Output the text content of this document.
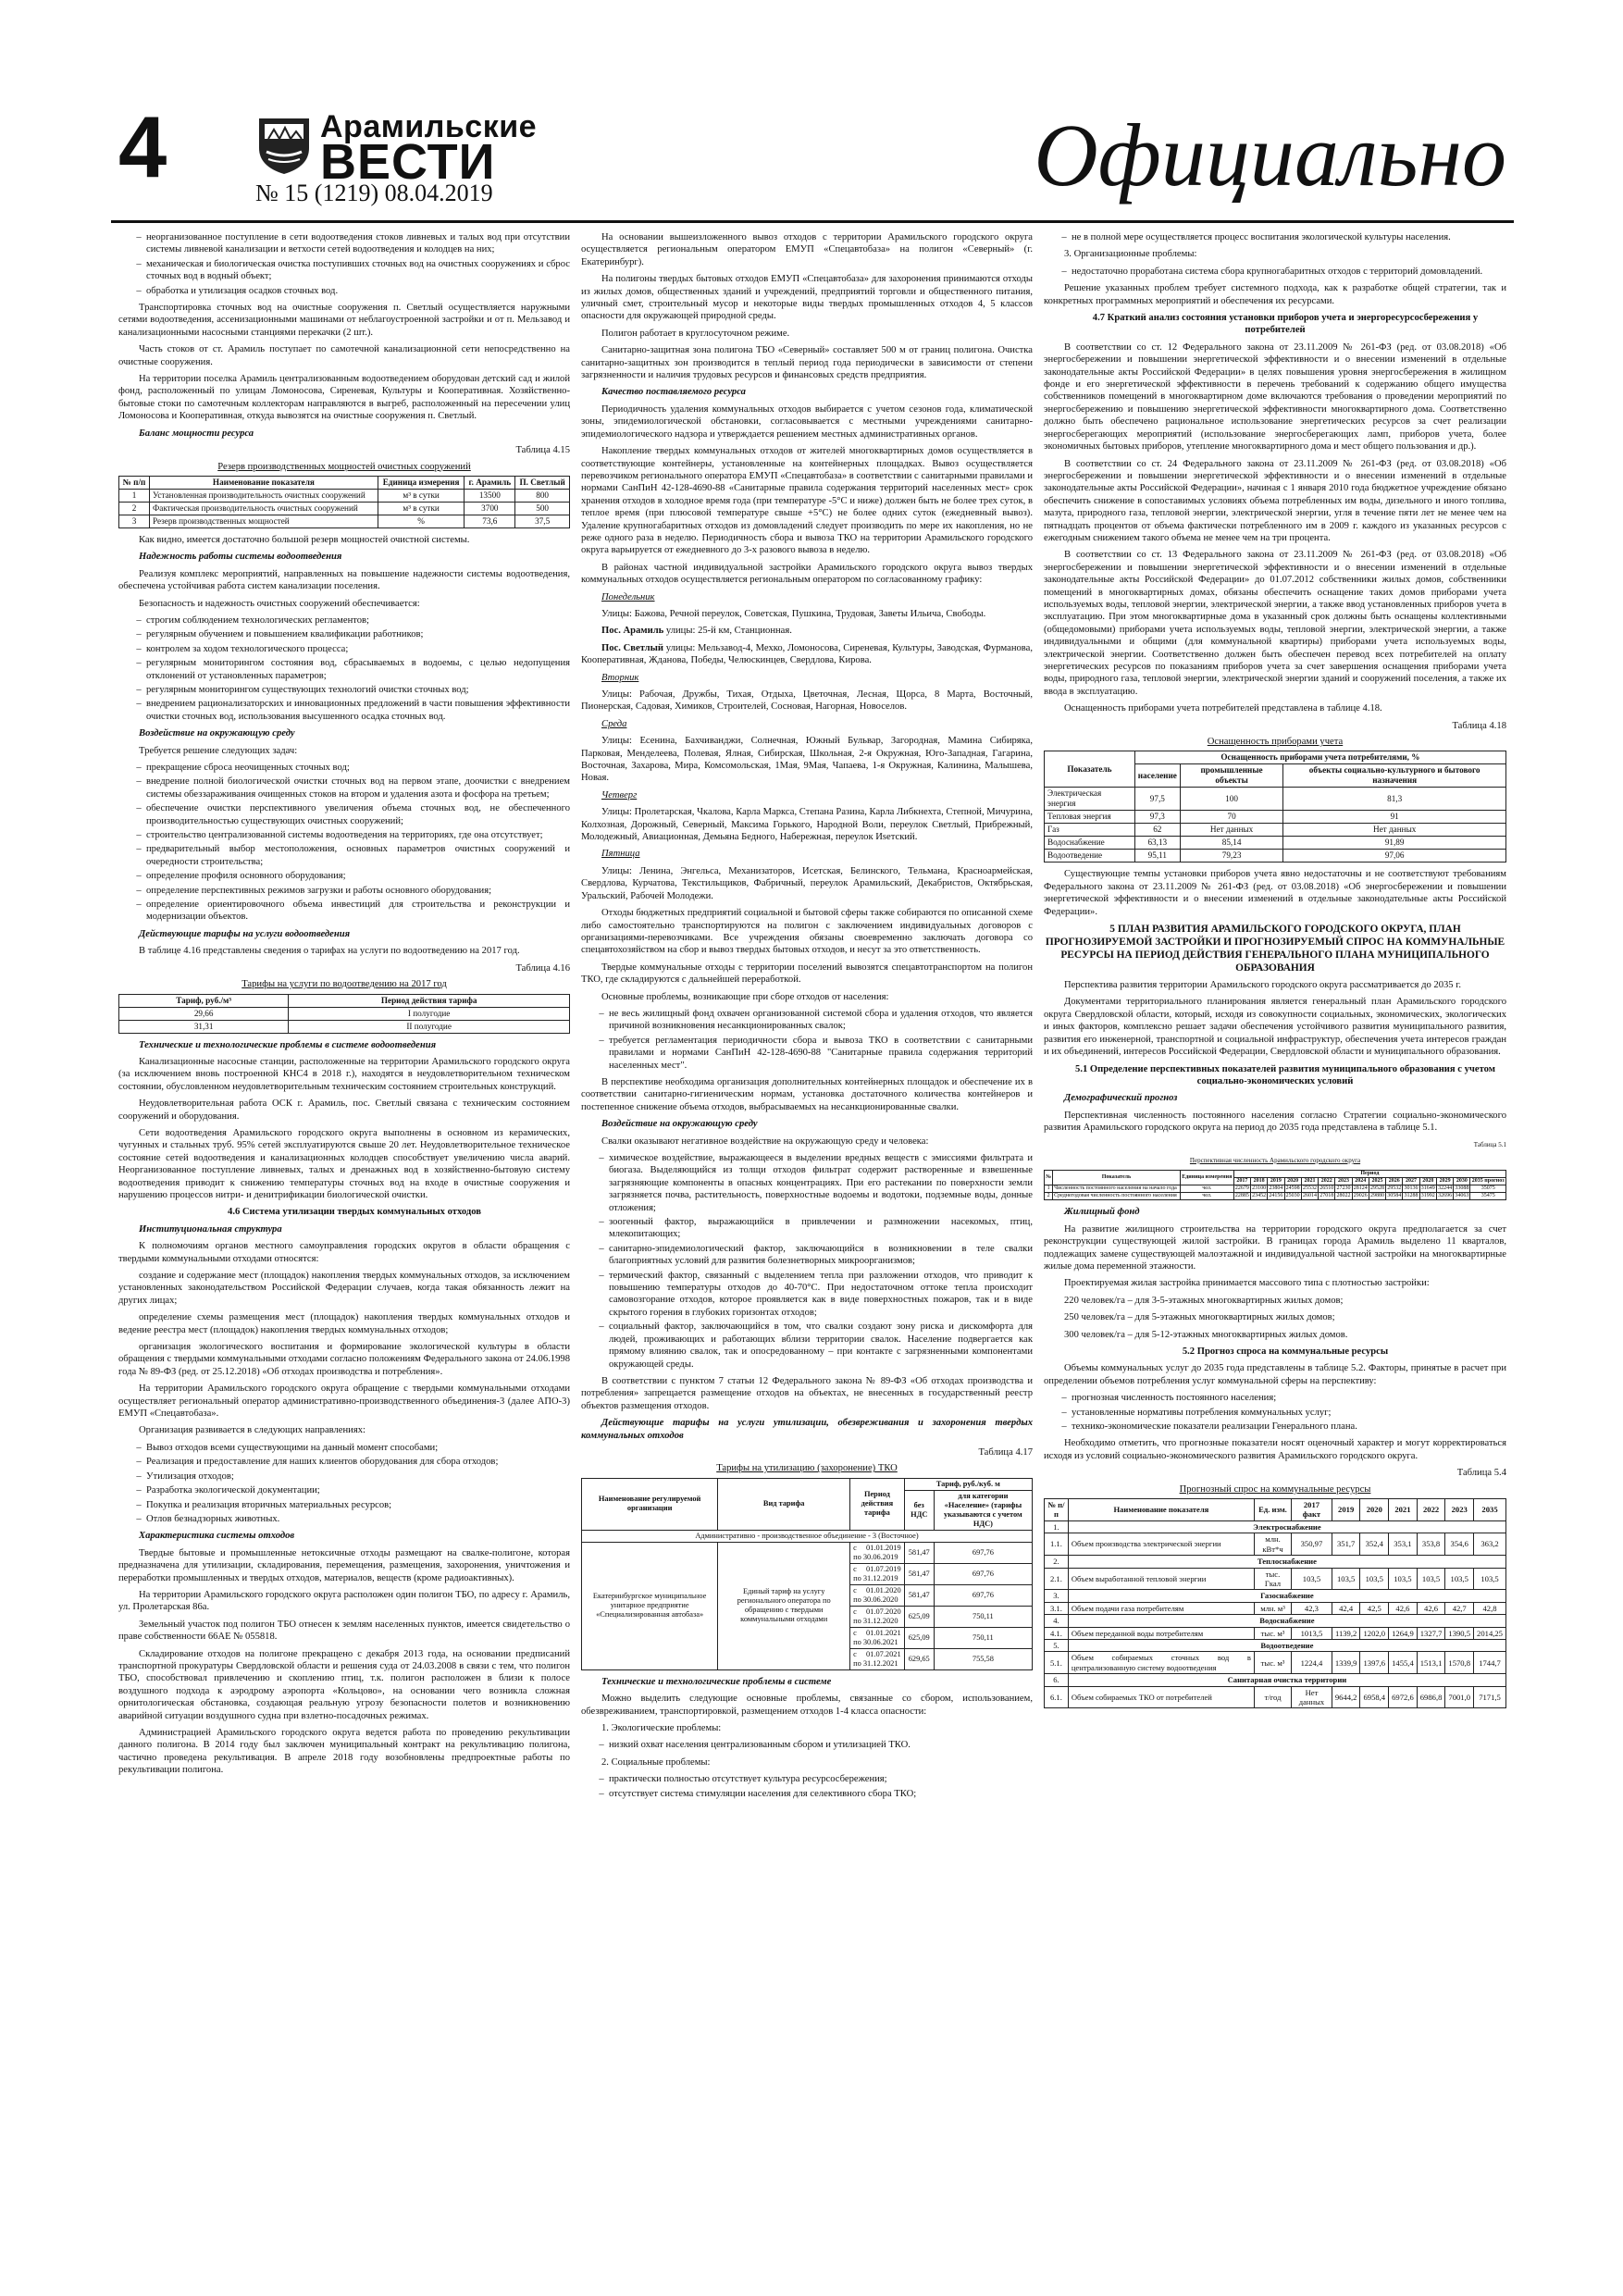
4	Арамильские
ВЕСТИ
№ 15 (1219) 08.04.2019	Официально
• неорганизованное поступление в сети водоотведения стоков ливневых и талых вод при отсутствии системы ливневой канализации и ветхости сетей водоотведения и колодцев на них;
• механическая и биологическая очистка поступивших сточных вод на очистных сооружениях и сброс сточных вод в водный объект;
• обработка и утилизация осадков сточных вод.

Транспортировка сточных вод на очистные сооружения п. Светлый осуществляется наружными сетями водоотведения, ассенизационными машинами от неблагоустроенной застройки и от п. Мельзавод и канализационными насосными станциями перекачки (2 шт.).

Часть стоков от ст. Арамиль поступает по самотечной канализационной сети непосредственно на очистные сооружения.

На территории поселка Арамиль централизованным водоотведением оборудован детский сад и жилой фонд, расположенный по улицам Ломоносова, Сиреневая, Культуры и Кооперативная. Хозяйственно-бытовые стоки по самотечным коллекторам направляются в выгреб, расположенный на пересечении улиц Ломоносова и Кооперативная, откуда вывозятся на очистные сооружения п. Светлый.

Баланс мощности ресурса

Таблица 4.15
Резерв производственных мощностей очистных сооружений
№ п/п	Наименование показателя	Единица измерения	г. Арамиль	П. Светлый
1	Установленная производительность очистных сооружений	м³ в сутки	13500	800
2	Фактическая производительность очистных сооружений	м³ в сутки	3700	500
3	Резерв производственных мощностей	%	73,6	37,5

Как видно, имеется достаточно большой резерв мощностей очистной системы.

Надежность работы системы водоотведения

Реализуя комплекс мероприятий, направленных на повышение надежности системы водоотведения, обеспечена устойчивая работа систем канализации поселения.

Безопасность и надежность очистных сооружений обеспечивается:

• строгим соблюдением технологических регламентов;
• регулярным обучением и повышением квалификации работников;
• контролем за ходом технологического процесса;
• регулярным мониторингом состояния вод, сбрасываемых в водоемы, с целью недопущения отклонений от установленных параметров;
• регулярным мониторингом существующих технологий очистки сточных вод;
• внедрением рационализаторских и инновационных предложений в части повышения эффективности очистки сточных вод, использования высушенного осадка сточных вод.

Воздействие на окружающую среду

Требуется решение следующих задач:

• прекращение сброса неочищенных сточных вод;
• внедрение полной биологической очистки сточных вод на первом этапе, доочистки с внедрением системы обеззараживания очищенных стоков на втором и удаления азота и фосфора на третьем;
• обеспечение очистки перспективного увеличения объема сточных вод, не обеспеченного производительностью существующих очистных сооружений;
• строительство централизованной системы водоотведения на территориях, где она отсутствует;
• предварительный выбор местоположения, основных параметров очистных сооружений и очередности строительства;
• определение профиля основного оборудования;
• определение перспективных режимов загрузки и работы основного оборудования;
• определение ориентировочного объема инвестиций для строительства и реконструкции и модернизации объектов.

Действующие тарифы на услуги водоотведения

В таблице 4.16 представлены сведения о тарифах на услуги по водоотведению на 2017 год.

Таблица 4.16
Тарифы на услуги по водоотведению на 2017 год
Тариф, руб./м³	Период действия тарифа
29,66	I полугодие
31,31	II полугодие

Технические и технологические проблемы в системе водоотведения

Канализационные насосные станции, расположенные на территории Арамильского городского округа (за исключением вновь построенной КНС4 в 2018 г.), находятся в неудовлетворительном техническом состоянии, обусловленном неудовлетворительным техническим состоянием строительных конструкций.

Неудовлетворительная работа ОСК г. Арамиль, пос. Светлый связана с техническим состоянием сооружений и оборудования.

Сети водоотведения Арамильского городского округа выполнены в основном из керамических, чугунных и стальных труб. 95% сетей эксплуатируются свыше 20 лет. Неудовлетворительное техническое состояние сетей водоотведения и канализационных колодцев способствует увеличению числа аварий. Неорганизованное поступление ливневых, талых и дренажных вод в хозяйственно-бытовую систему водоотведения приводит к снижению температуры сточных вод на входе в очистные сооружения и нарушению процессов нитри- и денитрификации биологической очистки.

4.6 Система утилизации твердых коммунальных отходов

Институциональная структура

К полномочиям органов местного самоуправления городских округов в области обращения с твердыми коммунальными отходами относятся:

создание и содержание мест (площадок) накопления твердых коммунальных отходов, за исключением установленных законодательством Российской Федерации случаев, когда такая обязанность лежит на других лицах;

определение схемы размещения мест (площадок) накопления твердых коммунальных отходов и ведение реестра мест (площадок) накопления твердых коммунальных отходов;

организация экологического воспитания и формирование экологической культуры в области обращения с твердыми коммунальными отходами согласно положениям Федерального закона от 24.06.1998 года № 89-ФЗ (ред. от 25.12.2018) «Об отходах производства и потребления».

На территории Арамильского городского округа обращение с твердыми коммунальными отходами осуществляет региональный оператор административно-производственного объединения-3 (далее АПО-3) ЕМУП «Спецавтобаза».

Организация развивается в следующих направлениях:

• Вывоз отходов всеми существующими на данный момент способами;
• Реализация и предоставление для наших клиентов оборудования для сбора отходов;
• Утилизация отходов;
• Разработка экологической документации;
• Покупка и реализация вторичных материальных ресурсов;
• Отлов безнадзорных животных.

Характеристика системы отходов

Твердые бытовые и промышленные нетоксичные отходы размещают на свалке-полигоне, которая предназначена для утилизации, складирования, перемещения, размещения, захоронения, уничтожения и переработки промышленных и твердых отходов, материалов, веществ (кроме радиоактивных).

На территории Арамильского городского округа расположен один полигон ТБО, по адресу г. Арамиль, ул. Пролетарская 86а.

Земельный участок под полигон ТБО отнесен к землям населенных пунктов, имеется свидетельство о праве собственности 66АЕ № 055818.

Складирование отходов на полигоне прекращено с декабря 2013 года, на основании предписаний транспортной прокуратуры Свердловской области и решения суда от 24.03.2008 в связи с тем, что полигон ТБО, способствовал привлечению и скоплению птиц, т.к. полигон расположен в близи к полосе воздушного подхода к аэродрому аэропорта «Кольцово», на основании чего возникла сложная орнитологическая обстановка, создающая реальную угрозу безопасности полетов и возникновению аварийной ситуации воздушного судна при взлетно-посадочных режимах.

Администрацией Арамильского городского округа ведется работа по проведению рекультивации данного полигона. В 2014 году был заключен муниципальный контракт на рекультивацию полигона, частично проведена рекультивация. В апреле 2018 году возобновлены предпроектные работы по рекультивации полигона.

На основании вышеизложенного вывоз отходов с территории Арамильского городского округа осуществляется региональным оператором ЕМУП «Спецавтобаза» на полигон «Северный» (г. Екатеринбург).

На полигоны твердых бытовых отходов ЕМУП «Спецавтобаза» для захоронения принимаются отходы из жилых домов, общественных зданий и учреждений, предприятий торговли и общественного питания, уличный смет, строительный мусор и некоторые виды твердых промышленных отходов 4, 5 классов опасности для окружающей природной среды.

Полигон работает в круглосуточном режиме.

Санитарно-защитная зона полигона ТБО «Северный» составляет 500 м от границ полигона. Очистка санитарно-защитных зон производится в теплый период года периодически в зависимости от степени загрязненности и наличия трудовых ресурсов и финансовых средств предприятия.

Качество поставляемого ресурса

Периодичность удаления коммунальных отходов выбирается с учетом сезонов года, климатической зоны, эпидемиологической обстановки, согласовывается с местными учреждениями санитарно-эпидемиологического надзора и утверждается решением местных административных органов.

Накопление твердых коммунальных отходов от жителей многоквартирных домов осуществляется в соответствующие контейнеры, установленные на контейнерных площадках. Вывоз осуществляется перевозчиком регионального оператора ЕМУП «Спецавтобаза» в соответствии с санитарными правилами и нормами СанПиН 42-128-4690-88 «Санитарные правила содержания территорий населенных мест» срок хранения отходов в холодное время года (при температуре -5°С и ниже) должен быть не более трех суток, в теплое время (при плюсовой температуре свыше +5°С) не более одних суток (ежедневный вывоз). Удаление крупногабаритных отходов из домовладений следует производить по мере их накопления, но не реже одного раза в неделю. Периодичность сбора и вывоза ТКО на территории Арамильского городского округа варьируется от ежедневного до 3-х разового вывоза в неделю.

В районах частной индивидуальной застройки Арамильского городского округа вывоз твердых коммунальных отходов осуществляется региональным оператором по согласованному графику:

Понедельник

Улицы: Бажова, Речной переулок, Советская, Пушкина, Трудовая, Заветы Ильича, Свободы.

Пос. Арамиль улицы: 25-й км, Станционная.

Пос. Светлый улицы: Мельзавод-4, Мехко, Ломоносова, Сиреневая, Культуры, Заводская, Фурманова, Кооперативная, Жданова, Победы, Челюскинцев, Свердлова, Кирова.

Вторник

Улицы: Рабочая, Дружбы, Тихая, Отдыха, Цветочная, Лесная, Щорса, 8 Марта, Восточный, Пионерская, Садовая, Химиков, Строителей, Сосновая, Нагорная, Новоселов.

Среда

Улицы: Есенина, Бахчиванджи, Солнечная, Южный Бульвар, Загородная, Мамина Сибиряка, Парковая, Менделеева, Полевая, Ялная, Сибирская, Школьная, 2-я Окружная, Юго-Западная, Гагарина, Восточная, Захарова, Мира, Комсомольская, 1Мая, 9Мая, Чапаева, 1-я Окружная, Калинина, Малышева, Новая.

Четверг

Улицы: Пролетарская, Чкалова, Карла Маркса, Степана Разина, Карла Либкнехта, Степной, Мичурина, Колхозная, Дорожный, Северный, Максима Горького, Народной Воли, переулок Светлый, Прибрежный, Молодежный, Авиационная, Демьяна Бедного, Набережная, переулок Иsетский.

Пятница

Улицы: Ленина, Энгельса, Механизаторов, Исетская, Белинского, Тельмана, Красноармейская, Свердлова, Курчатова, Текстильщиков, Фабричный, переулок Арамильский, Декабристов, Октябрьская, Уральский, Рабочей Молодежи.

Отходы бюджетных предприятий социальной и бытовой сферы также собираются по описанной схеме либо самостоятельно транспортируются на полигон с заключением индивидуальных договоров с организациями-перевозчиками. Все учреждения обязаны своевременно заключать договора со спецавтохозяйством на сбор и вывоз твердых бытовых отходов, и несут за это ответственность.

Твердые коммунальные отходы с территории поселений вывозятся спецавтотранспортом на полигон ТКО, где складируются с дальнейшей переработкой.

Основные проблемы, возникающие при сборе отходов от населения:

• не весь жилищный фонд охвачен организованной системой сбора и удаления отходов, что является причиной возникновения несанкционированных свалок;
• требуется регламентация периодичности сбора и вывоза ТКО в соответствии с санитарными правилами и нормами СанПиН 42-128-4690-88 "Санитарные правила содержания территорий населенных мест".

В перспективе необходима организация дополнительных контейнерных площадок и обеспечение их в соответствии санитарно-гигиеническим нормам, установка достаточного количества контейнеров и постепенное снижение объема отходов, выбрасываемых на несанкционированные свалки.

Воздействие на окружающую среду

Свалки оказывают негативное воздействие на окружающую среду и человека:

• химическое воздействие, выражающееся в выделении вредных веществ с эмиссиями фильтрата и биогаза. Выделяющийся из толщи отходов фильтрат содержит растворенные и взвешенные загрязняющие компоненты в опасных концентрациях. При его растекании по поверхности земли загрязняется почва, растительность, поверхностные водоемы и водотоки, подземные воды, донные отложения;
• зоогенный фактор, выражающийся в привлечении и размножении насекомых, птиц, млекопитающих;
• санитарно-эпидемиологический фактор, заключающийся в возникновении в теле свалки благоприятных условий для развития болезнетворных микроорганизмов;
• термический фактор, связанный с выделением тепла при разложении отходов, что приводит к повышению температуры отходов до 40-70°С. При недостаточном оттоке тепла происходит самовозгорание отходов, которое проявляется как в виде поверхностных пожаров, так и в виде скрытого горения в глубоких горизонтах отходов;
• социальный фактор, заключающийся в том, что свалки создают зону риска и дискомфорта для людей, проживающих и работающих вблизи территории свалок. Население подвергается как прямому влиянию свалок, так и опосредованному – при контакте с загрязненными компонентами окружающей среды.

В соответствии с пунктом 7 статьи 12 Федерального закона № 89-ФЗ «Об отходах производства и потребления» запрещается размещение отходов на объектах, не внесенных в государственный реестр объектов размещения отходов.

Действующие тарифы на услуги утилизации, обезвреживания и захоронения твердых коммунальных отходов

Таблица 4.17
Тарифы на утилизацию (захоронение) ТКО
Наименование регулируемой организации	Вид тарифа	Период действия тарифа	Тариф, руб./куб. м	
			без НДС	для категории «Население» (тарифы указываются с учетом НДС)
Административно - производственное объединение - 3 (Восточное)				
Екатеринбургское муниципальное унитарное предприятие «Специализированная автобаза»	Единый тариф на услугу регионального оператора по обращению с твердыми коммунальными отходами	с 01.01.2019 по 30.06.2019	581,47	697,76
		с 01.07.2019 по 31.12.2019	581,47	697,76
		с 01.01.2020 по 30.06.2020	581,47	697,76
		с 01.07.2020 по 31.12.2020	625,09	750,11
		с 01.01.2021 по 30.06.2021	625,09	750,11
		с 01.07.2021 по 31.12.2021	629,65	755,58

Технические и технологические проблемы в системе

Можно выделить следующие основные проблемы, связанные со сбором, использованием, обезвреживанием, транспортировкой, размещением отходов 1-4 класса опасности:

1. Экологические проблемы:

• низкий охват населения централизованным сбором и утилизацией ТКО.

2. Социальные проблемы:

• практически полностью отсутствует культура ресурсосбережения;
• отсутствует система стимуляции населения для селективного сбора ТКО;
• не в полной мере осуществляется процесс воспитания экологической культуры населения.

3. Организационные проблемы:

• недостаточно проработана система сбора крупногабаритных отходов с территорий домовладений.

Решение указанных проблем требует системного подхода, как к разработке общей стратегии, так и конкретных программных мероприятий и обеспечения их ресурсами.

4.7 Краткий анализ состояния установки приборов учета и энергоресурсосбережения у потребителей

В соответствии со ст. 12 Федерального закона от 23.11.2009 № 261-ФЗ (ред. от 03.08.2018) «Об энергосбережении и повышении энергетической эффективности и о внесении изменений в отдельные законодательные акты Российской Федерации» в целях повышения уровня энергосбережения в жилищном фонде и его энергетической эффективности в перечень требований к содержанию общего имущества собственников помещений в многоквартирном доме включаются требования о проведении мероприятий по энергосбережению и повышению энергетической эффективности многоквартирного дома. Соответственно должно быть обеспечено рациональное использование энергетических ресурсов за счет реализации энергосберегающих мероприятий (использование энергосберегающих ламп, приборов учета, более экономичных бытовых приборов, утепление многоквартирного дома и мест общего пользования и др.).

В соответствии со ст. 24 Федерального закона от 23.11.2009 № 261-ФЗ (ред. от 03.08.2018) «Об энергосбережении и повышении энергетической эффективности и о внесении изменений в отдельные законодательные акты Российской Федерации», начиная с 1 января 2010 года бюджетное учреждение обязано обеспечить снижение в сопоставимых условиях объема потребленных им воды, дизельного и иного топлива, мазута, природного газа, тепловой энергии, электрической энергии, угля в течение пяти лет не менее чем на пятнадцать процентов от объема фактически потребленного им в 2009 г. каждого из указанных ресурсов с ежегодным снижением такого объема не менее чем на три процента.

В соответствии со ст. 13 Федерального закона от 23.11.2009 № 261-ФЗ (ред. от 03.08.2018) «Об энергосбережении и повышении энергетической эффективности и о внесении изменений в отдельные законодательные акты Российской Федерации» до 01.07.2012 собственники жилых домов, собственники помещений в многоквартирных домах, обязаны обеспечить оснащение таких домов приборами учета используемых воды, тепловой энергии, электрической энергии, а также ввод установленных приборов учета в эксплуатацию. При этом многоквартирные дома в указанный срок должны быть оснащены коллективными (общедомовыми) приборами учета используемых воды, тепловой энергии, электрической энергии, а также индивидуальными и общими (для коммунальной квартиры) приборами учета используемых воды, электрической энергии. Соответственно должен быть обеспечен перевод всех потребителей на оплату энергетических ресурсов по показаниям приборов учета за счет завершения оснащения приборами учета воды, природного газа, тепловой энергии, электрической энергии зданий и сооружений поселения, а также их ввода в эксплуатацию.

Оснащенность приборами учета потребителей представлена в таблице 4.18.

Таблица 4.18
Оснащенность приборами учета
Показатель	Оснащенность приборами учета потребителями, %		
	население	промышленные объекты	объекты социально-культурного и бытового назначения
Электрическая энергия	97,5	100	81,3
Тепловая энергия	97,3	70	91
Газ	62	Нет данных	Нет данных
Водоснабжение	63,13	85,14	91,89
Водоотведение	95,11	79,23	97,06

Существующие темпы установки приборов учета явно недостаточны и не соответствуют требованиям Федерального закона от 23.11.2009 № 261-ФЗ (ред. от 03.08.2018) «Об энергосбережении и повышении энергетической эффективности и о внесении изменений в отдельные законодательные акты Российской Федерации».

5 ПЛАН РАЗВИТИЯ АРАМИЛЬСКОГО ГОРОДСКОГО ОКРУГА, ПЛАН ПРОГНОЗИРУЕМОЙ ЗАСТРОЙКИ И ПРОГНОЗИРУЕМЫЙ СПРОС НА КОММУНАЛЬНЫЕ РЕСУРСЫ НА ПЕРИОД ДЕЙСТВИЯ ГЕНЕРАЛЬНОГО ПЛАНА МУНИЦИПАЛЬНОГО ОБРАЗОВАНИЯ

Перспектива развития территории Арамильского городского округа рассматривается до 2035 г.

Документами территориального планирования является генеральный план Арамильского городского округа Свердловской области, который, исходя из совокупности социальных, экономических, экологических и иных факторов, комплексно решает задачи обеспечения устойчивого развития муниципального развития, развития его инженерной, транспортной и социальной инфраструктур, обеспечения учета интересов граждан и их объединений, интересов Российской Федерации, Свердловской области и муниципального образования.

5.1 Определение перспективных показателей развития муниципального образования с учетом социально-экономических условий

Демографический прогноз

Перспективная численность постоянного населения согласно Стратегии социально-экономического развития Арамильского городского округа на период до 2035 года представлена в таблице 5.1.

Таблица 5.1
Перспективная численность Арамильского городского округа
№	Показатель	Единица измерения	Период														
			2017	2018	2019	2020	2021	2022	2023	2024	2025	2026	2027	2028	2029	2030	2035 прогноз
1	Численность постоянного населения на начало года	чел.	22679	23100	23804	24598	25532	26510	27230	28124	29528	29532	30136	31649	32244	33088	35075
2	Среднегодовая численность постоянного населения	чел.	22885	23452	24156	25030	26014	27018	28022	29026	29880	30584	31288	31992	32696	34063	35475

Жилищный фонд

На развитие жилищного строительства на территории городского округа предполагается за счет реконструкции существующей жилой застройки. В границах города Арамиль выделено 11 кварталов, подлежащих замене существующей малоэтажной и индивидуальной частной застройки на многоквартирные жилые дома переменной этажности.

Проектируемая жилая застройка принимается массового типа с плотностью застройки:

220 человек/га – для 3-5-этажных многоквартирных жилых домов;

250 человек/га – для 5-этажных многоквартирных жилых домов;

300 человек/га – для 5-12-этажных многоквартирных жилых домов.

5.2 Прогноз спроса на коммунальные ресурсы

Объемы коммунальных услуг до 2035 года представлены в таблице 5.2. Факторы, принятые в расчет при определении объемов потребления услуг коммунальной сферы на перспективу:

• прогнозная численность постоянного населения;
• установленные нормативы потребления коммунальных услуг;
• технико-экономические показатели реализации Генерального плана.

Необходимо отметить, что прогнозные показатели носят оценочный характер и могут корректироваться исходя из условий социально-экономического развития Арамильского городского округа.

Таблица 5.4
Прогнозный спрос на коммунальные ресурсы
№ п/п	Наименование показателя	Ед. изм.	2017 факт	2019	2020	2021	2022	2023	2035
1.	Электроснабжение								
1.1.	Объем производства электрической энергии	млн. кВт*ч	350,97	351,7	352,4	353,1	353,8	354,6	363,2
2.	Теплоснабжение								
2.1.	Объем выработанной тепловой энергии	тыс. Гкал	103,5	103,5	103,5	103,5	103,5	103,5	103,5
3.	Газоснабжение								
3.1.	Объем подачи газа потребителям	млн. м³	42,3	42,4	42,5	42,6	42,6	42,7	42,8
4.	Водоснабжение								
4.1.	Объем переданной воды потребителям	тыс. м³	1013,5	1139,2	1202,0	1264,9	1327,7	1390,5	2014,25
5.	Водоотведение								
5.1.	Объем собираемых сточных вод в централизованную систему водоотведения	тыс. м³	1224,4	1339,9	1397,6	1455,4	1513,1	1570,8	1744,7
6.	Санитарная очистка территории								
6.1.	Объем собираемых ТКО от потребителей	т/год	Нет данных	9644,2	6958,4	6972,6	6986,8	7001,0	7171,5
